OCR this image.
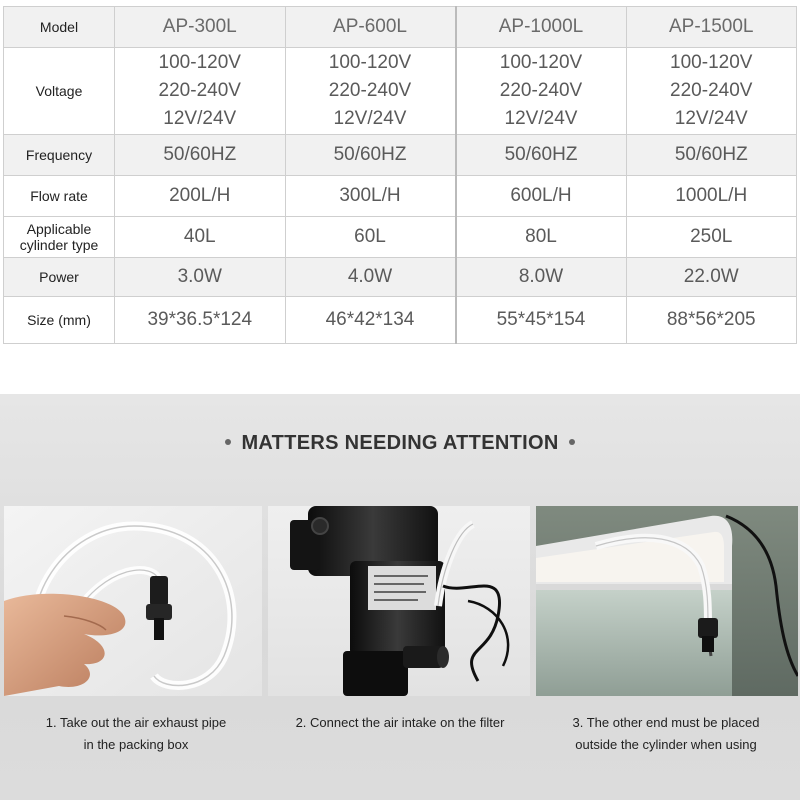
Model	AP-300L	AP-600L	AP-1000L	AP-1500L
Voltage	100-120V
220-240V
12V/24V	100-120V
220-240V
12V/24V	100-120V
220-240V
12V/24V	100-120V
220-240V
12V/24V

Frequency	50/60HZ	50/60HZ	50/60HZ	50/60HZ
Flow rate	200L/H	300L/H	600L/H	1000L/H

Applicable
cylinder type	40L	60L	80L	250L
Power	3.0W	4.0W	8.0W	22.0W
Size (mm)	39*36.5*124	46*42*134	55*45*154	88*56*205
MATTERS NEEDING ATTENTION
1. Take out the air exhaust pipe
in the packing box
2. Connect the air intake on the filter	3. The other end must be placed
outside the cylinder when using
